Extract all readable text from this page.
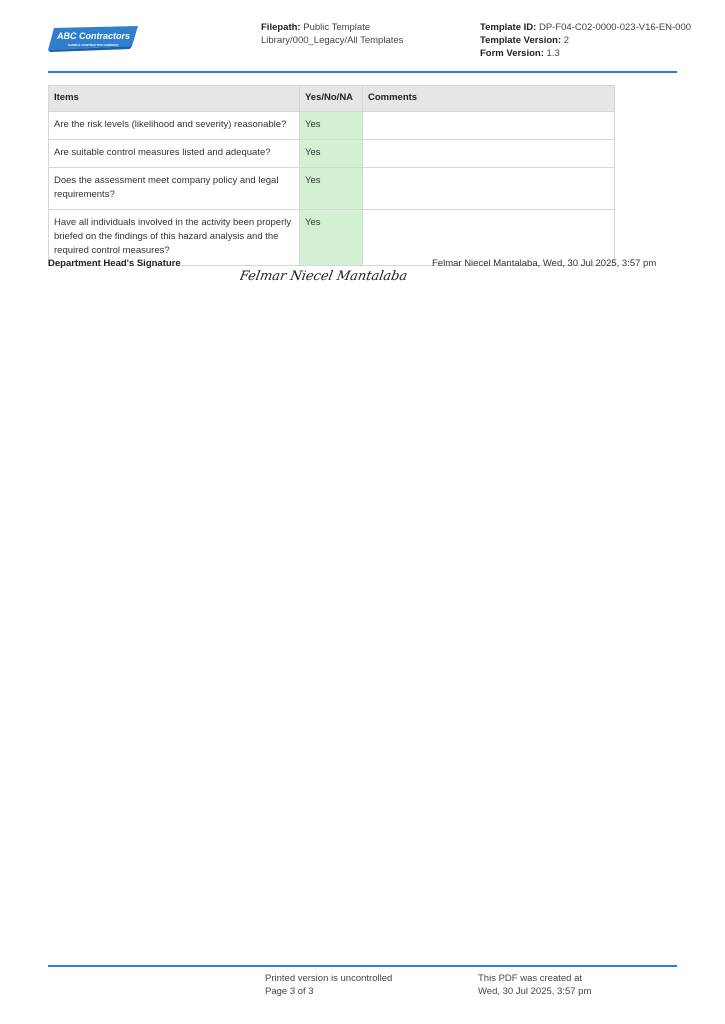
ABC Contractors
SAMPLE CONTRACTOR COMPANY
Filepath: Public Template Library/000_Legacy/All Templates
Template ID: DP-F04-C02-0000-023-V16-EN-000
Template Version: 2
Form Version: 1.3
Items	Yes/No/NA	Comments
Are the risk levels (likelihood and severity) reasonable?	Yes	
Are suitable control measures listed and adequate?	Yes	
Does the assessment meet company policy and legal requirements?	Yes	
Have all individuals involved in the activity been properly briefed on the findings of this hazard analysis and the required control measures?	Yes	
Department Head's Signature
Felmar Niecel Mantalaba
Felmar Niecel Mantalaba, Wed, 30 Jul 2025, 3:57 pm
Printed version is uncontrolled
Page 3 of 3
This PDF was created at
Wed, 30 Jul 2025, 3:57 pm
